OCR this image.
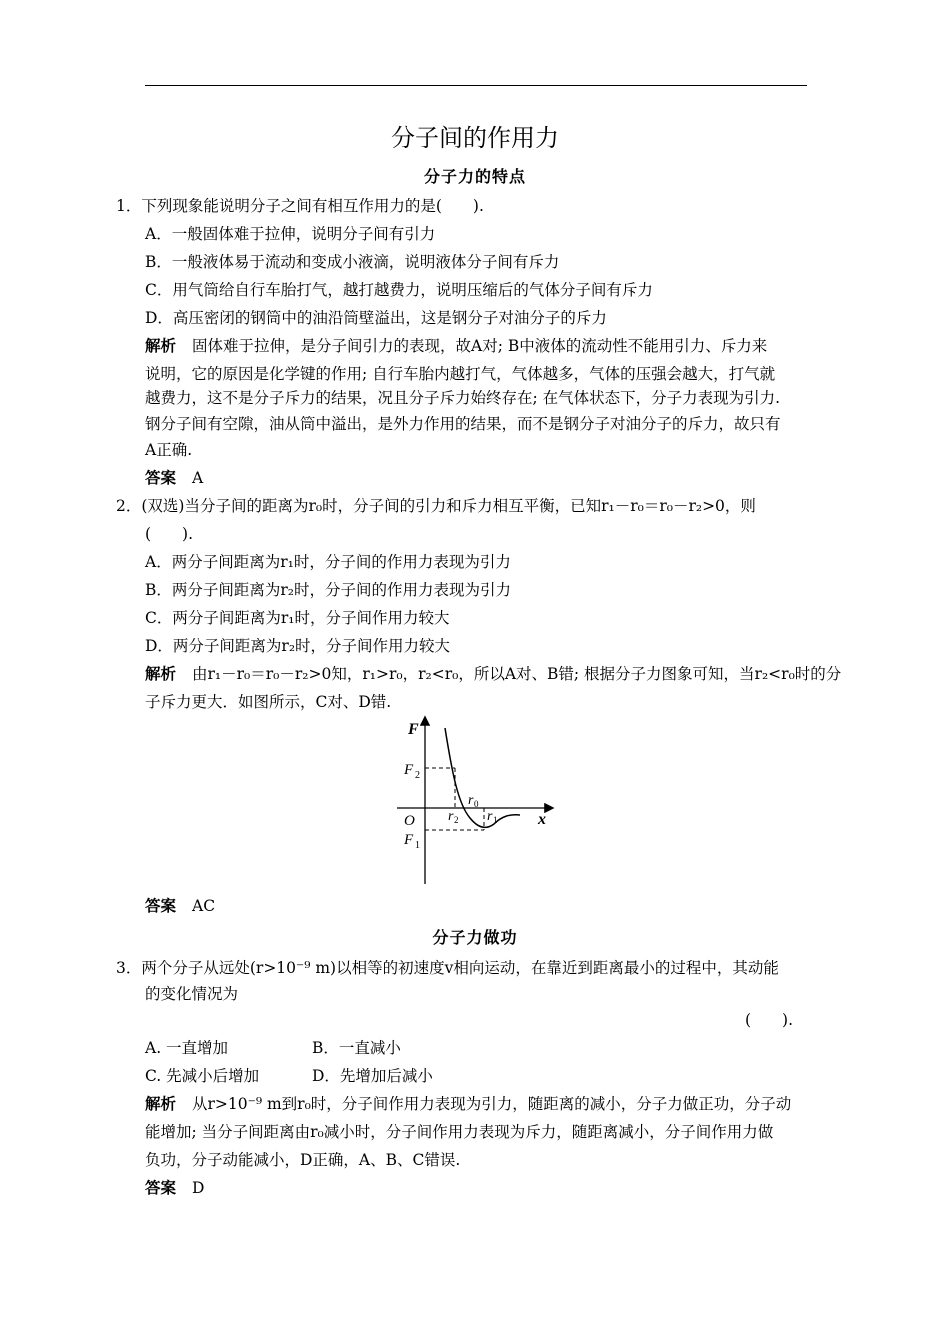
分子间的作用力
分子力的特点
1．下列现象能说明分子之间有相互作用力的是(　　).
A．一般固体难于拉伸，说明分子间有引力
B．一般液体易于流动和变成小液滴，说明液体分子间有斥力
C．用气筒给自行车胎打气，越打越费力，说明压缩后的气体分子间有斥力
D．高压密闭的钢筒中的油沿筒壁溢出，这是钢分子对油分子的斥力
解析 固体难于拉伸，是分子间引力的表现，故A对; B中液体的流动性不能用引力、斥力来
说明，它的原因是化学键的作用; 自行车胎内越打气，气体越多，气体的压强会越大，打气就
越费力，这不是分子斥力的结果，况且分子斥力始终存在; 在气体状态下，分子力表现为引力.
钢分子间有空隙，油从筒中溢出，是外力作用的结果，而不是钢分子对油分子的斥力，故只有
A正确.
答案 A
2．(双选)当分子间的距离为r₀时，分子间的引力和斥力相互平衡，已知r₁－r₀＝r₀－r₂>0，则
(　　).
A．两分子间距离为r₁时，分子间的作用力表现为引力
B．两分子间距离为r₂时，分子间的作用力表现为引力
C．两分子间距离为r₁时，分子间作用力较大
D．两分子间距离为r₂时，分子间作用力较大
解析 由r₁－r₀＝r₀－r₂>0知，r₁>r₀，r₂<r₀，所以A对、B错; 根据分子力图象可知，当r₂<r₀时的分
子斥力更大．如图所示，C对、D错.
F
F 2
O
F 1
x
r 0
r 2 r 1
答案 AC
分子力做功
3．两个分子从远处(r>10⁻⁹ m)以相等的初速度v相向运动，在靠近到距离最小的过程中，其动能
的变化情况为
(　　).
A. 一直增加	B．一直减小
C. 先减小后增加	D．先增加后减小
解析 从r>10⁻⁹ m到r₀时，分子间作用力表现为引力，随距离的减小，分子力做正功，分子动
能增加; 当分子间距离由r₀减小时，分子间作用力表现为斥力，随距离减小，分子间作用力做
负功，分子动能减小，D正确，A、B、C错误.
答案 D
